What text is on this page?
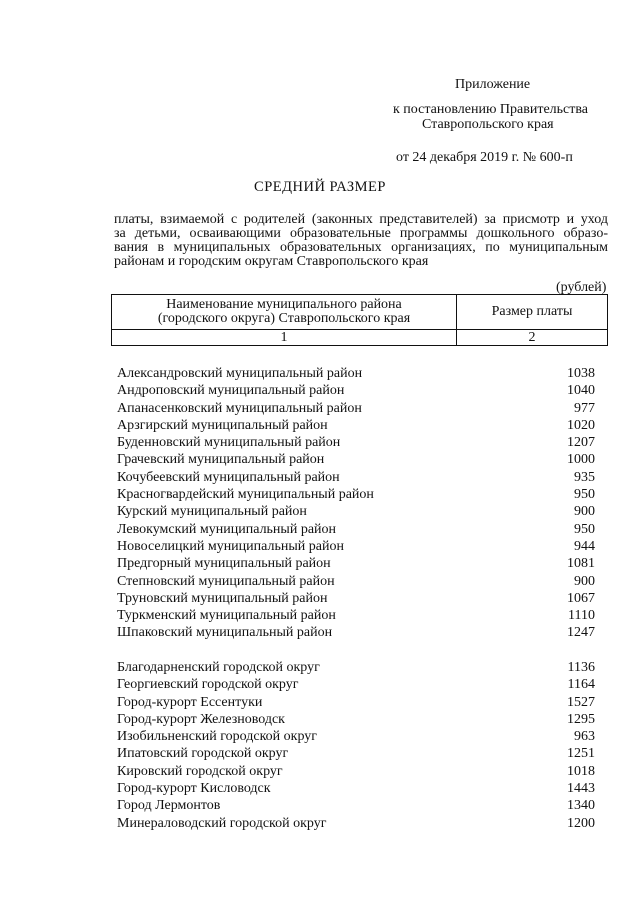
Приложение
к постановлению Правительства
Ставропольского края
от 24 декабря 2019 г. № 600-п
СРЕДНИЙ РАЗМЕР
платы, взимаемой с родителей (законных представителей) за присмотр и уход
за детьми, осваивающими образовательные программы дошкольного образо-
вания в муниципальных образовательных организациях, по муниципальным
районам и городским округам Ставропольского края
(рублей)
Наименование муниципального района
(городского округа) Ставропольского края	Размер платы
1	2
Александровский муниципальный район	1038
Андроповский муниципальный район	1040
Апанасенковский муниципальный район	977
Арзгирский муниципальный район	1020
Буденновский муниципальный район	1207
Грачевский муниципальный район	1000
Кочубеевский муниципальный район	935
Красногвардейский муниципальный район	950
Курский муниципальный район	900
Левокумский муниципальный район	950
Новоселицкий муниципальный район	944
Предгорный муниципальный район	1081
Степновский муниципальный район	900
Труновский муниципальный район	1067
Туркменский муниципальный район	1110
Шпаковский муниципальный район	1247
Благодарненский городской округ	1136
Георгиевский городской округ	1164
Город-курорт Ессентуки	1527
Город-курорт Железноводск	1295
Изобильненский городской округ	963
Ипатовский городской округ	1251
Кировский городской округ	1018
Город-курорт Кисловодск	1443
Город Лермонтов	1340
Минераловодский городской округ	1200
